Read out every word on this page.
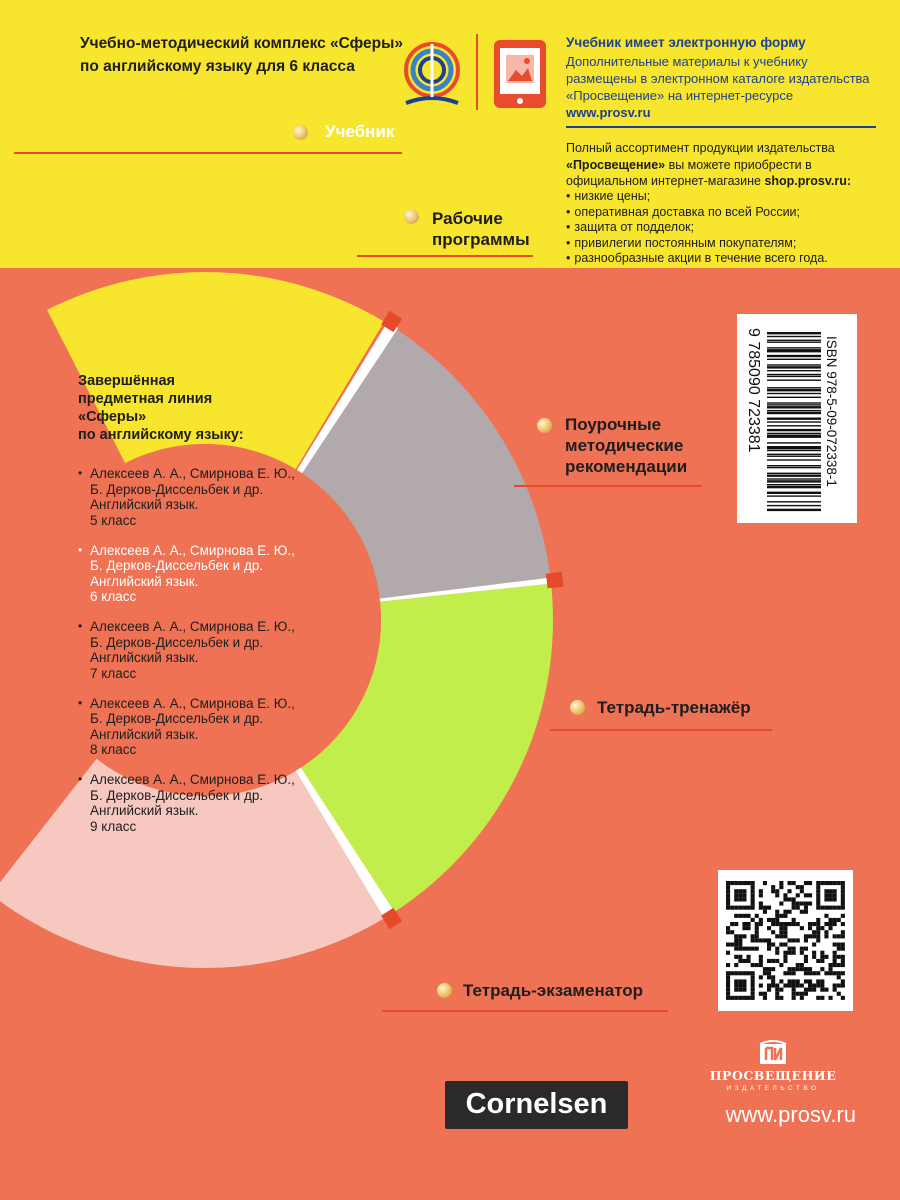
Учебно-методический комплекс «Сферы» по английскому языку для 6 класса
Учебник имеет электронную форму
Дополнительные материалы к учебнику размещены в электронном каталоге издательства «Просвещение» на интернет-ресурсе www.prosv.ru
Полный ассортимент продукции издательства «Просвещение» вы можете приобрести в официальном интернет-магазине shop.prosv.ru:
• низкие цены;
• оперативная доставка по всей России;
• защита от подделок;
• привилегии постоянным покупателям;
• разнообразные акции в течение всего года.
Учебник
Рабочие
программы
Поурочные
методические
рекомендации
Тетрадь-тренажёр
Тетрадь-экзаменатор
Завершённая
предметная линия
«Сферы»
по английскому языку:
• Алексеев А. А., Смирнова Е. Ю.,
Б. Дерков-Диссельбек и др.
Английский язык.
5 класс
• Алексеев А. А., Смирнова Е. Ю.,
Б. Дерков-Диссельбек и др.
Английский язык.
6 класс
• Алексеев А. А., Смирнова Е. Ю.,
Б. Дерков-Диссельбек и др.
Английский язык.
7 класс
• Алексеев А. А., Смирнова Е. Ю.,
Б. Дерков-Диссельбек и др.
Английский язык.
8 класс
• Алексеев А. А., Смирнова Е. Ю.,
Б. Дерков-Диссельбек и др.
Английский язык.
9 класс
9 785090 723381	ISBN 978-5-09-072338-1
Cornelsen
ПРОСВЕЩЕНИЕ
ИЗДАТЕЛЬСТВО
www.prosv.ru
